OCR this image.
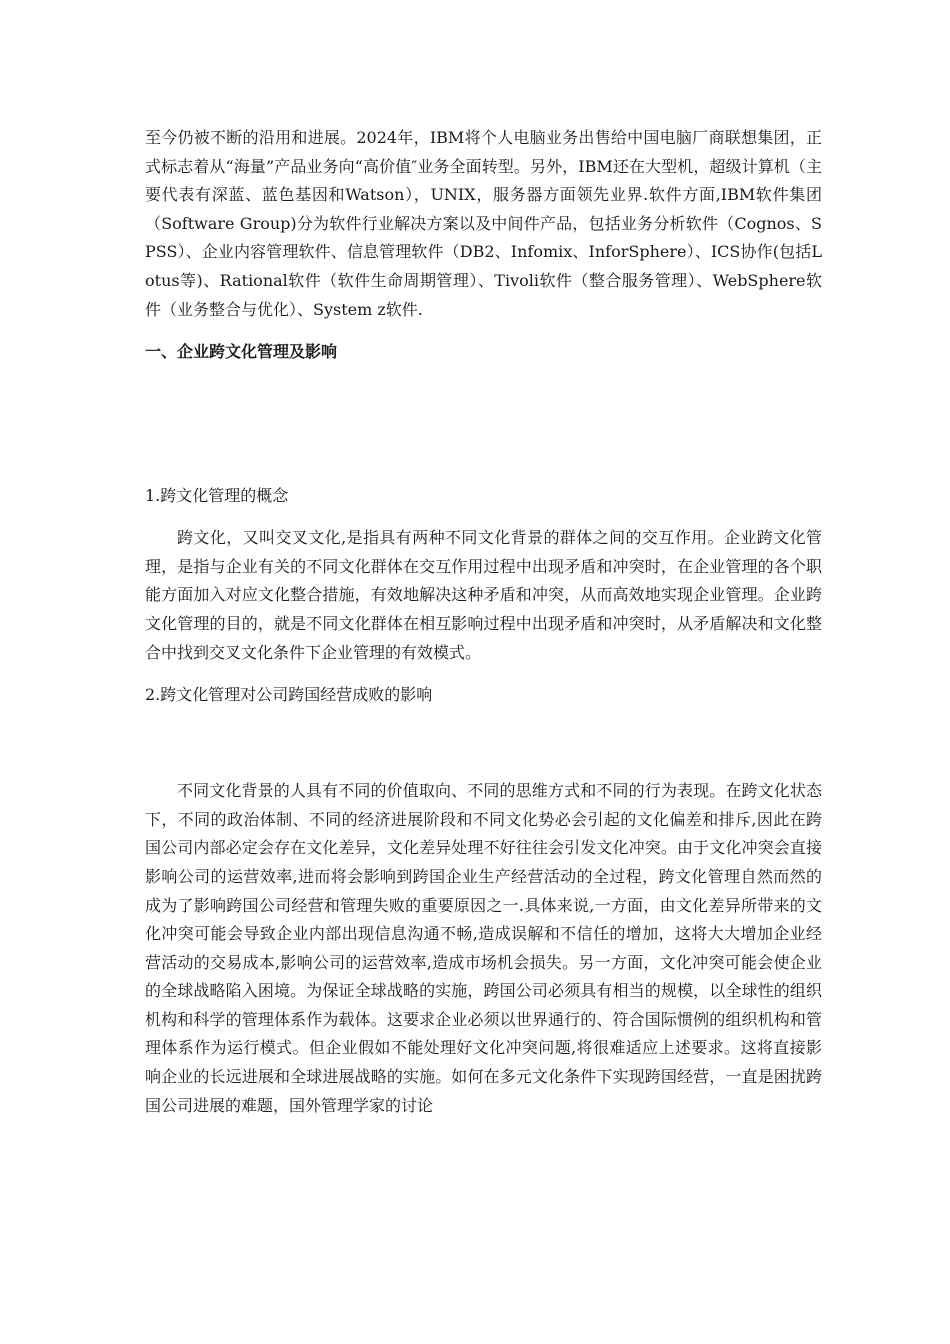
至今仍被不断的沿用和进展。2024年，IBM将个人电脑业务出售给中国电脑厂商联想集团，正式标志着从“海量”产品业务向“高价值″业务全面转型。另外，IBM还在大型机，超级计算机（主要代表有深蓝、蓝色基因和Watson），UNIX，服务器方面领先业界.软件方面,IBM软件集团（Software Group)分为软件行业解决方案以及中间件产品，包括业务分析软件（Cognos、SPSS）、企业内容管理软件、信息管理软件（DB2、Infomix、InforSphere）、ICS协作(包括Lotus等)、Rational软件（软件生命周期管理）、Tivoli软件（整合服务管理）、WebSphere软件（业务整合与优化）、System z软件.

一、企业跨文化管理及影响

1.跨文化管理的概念

跨文化，又叫交叉文化,是指具有两种不同文化背景的群体之间的交互作用。企业跨文化管理，是指与企业有关的不同文化群体在交互作用过程中出现矛盾和冲突时，在企业管理的各个职能方面加入对应文化整合措施，有效地解决这种矛盾和冲突，从而高效地实现企业管理。企业跨文化管理的目的，就是不同文化群体在相互影响过程中出现矛盾和冲突时，从矛盾解决和文化整合中找到交叉文化条件下企业管理的有效模式。

2.跨文化管理对公司跨国经营成败的影响

不同文化背景的人具有不同的价值取向、不同的思维方式和不同的行为表现。在跨文化状态下，不同的政治体制、不同的经济进展阶段和不同文化势必会引起的文化偏差和排斥,因此在跨国公司内部必定会存在文化差异，文化差异处理不好往往会引发文化冲突。由于文化冲突会直接影响公司的运营效率,进而将会影响到跨国企业生产经营活动的全过程，跨文化管理自然而然的成为了影响跨国公司经营和管理失败的重要原因之一.具体来说,一方面，由文化差异所带来的文化冲突可能会导致企业内部出现信息沟通不畅,造成误解和不信任的增加，这将大大增加企业经营活动的交易成本,影响公司的运营效率,造成市场机会损失。另一方面，文化冲突可能会使企业的全球战略陷入困境。为保证全球战略的实施，跨国公司必须具有相当的规模，以全球性的组织机构和科学的管理体系作为载体。这要求企业必须以世界通行的、符合国际惯例的组织机构和管理体系作为运行模式。但企业假如不能处理好文化冲突问题,将很难适应上述要求。这将直接影响企业的长远进展和全球进展战略的实施。如何在多元文化条件下实现跨国经营，一直是困扰跨国公司进展的难题，国外管理学家的讨论
